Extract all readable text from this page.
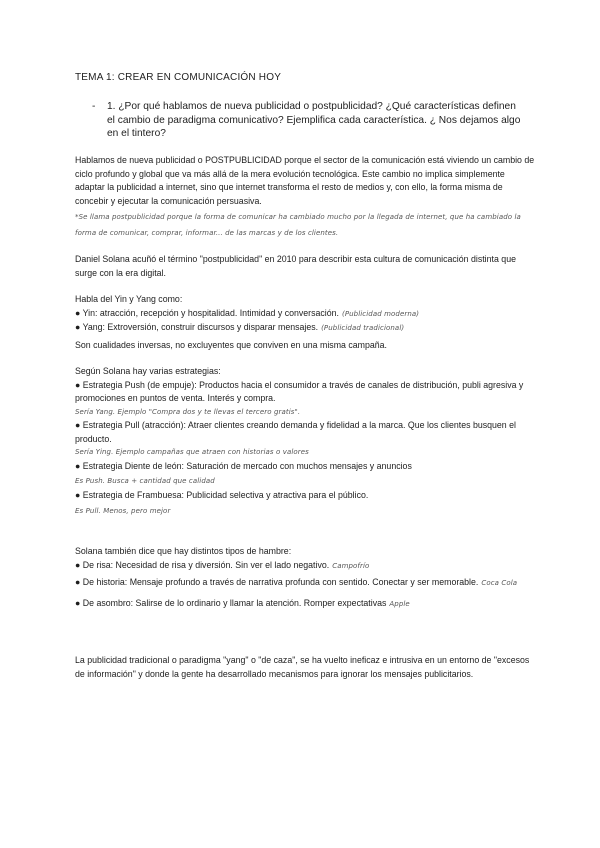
TEMA 1: CREAR EN COMUNICACIÓN HOY
-	1. ¿Por qué hablamos de nueva publicidad o postpublicidad? ¿Qué características definen el cambio de paradigma comunicativo? Ejemplifica cada característica. ¿ Nos dejamos algo en el tintero?

Hablamos de nueva publicidad o POSTPUBLICIDAD porque el sector de la comunicación está viviendo un cambio de ciclo profundo y global que va más allá de la mera evolución tecnológica. Este cambio no implica simplemente adaptar la publicidad a internet, sino que internet transforma el resto de medios y, con ello, la forma misma de concebir y ejecutar la comunicación persuasiva.

*Se llama postpublicidad porque la forma de comunicar ha cambiado mucho por la llegada de internet, que ha cambiado la forma de comunicar, comprar, informar... de las marcas y de los clientes.

Daniel Solana acuñó el término "postpublicidad" en 2010 para describir esta cultura de comunicación distinta que surge con la era digital.

Habla del Yin y Yang como:

● Yin: atracción, recepción y hospitalidad. Intimidad y conversación. (Publicidad moderna)

● Yang: Extroversión, construir discursos y disparar mensajes. (Publicidad tradicional)

Son cualidades inversas, no excluyentes que conviven en una misma campaña.

Según Solana hay varias estrategias:

● Estrategia Push (de empuje): Productos hacia el consumidor a través de canales de distribución, publi agresiva y promociones en puntos de venta. Interés y compra.

Sería Yang. Ejemplo "Compra dos y te llevas el tercero gratis".

● Estrategia Pull (atracción): Atraer clientes creando demanda y fidelidad a la marca. Que los clientes busquen el producto.

Sería Ying. Ejemplo campañas que atraen con historias o valores

● Estrategia Diente de león: Saturación de mercado con muchos mensajes y anuncios

Es Push. Busca + cantidad que calidad

● Estrategia de Frambuesa: Publicidad selectiva y atractiva para el público.

Es Pull. Menos, pero mejor

Solana también dice que hay distintos tipos de hambre:

● De risa: Necesidad de risa y diversión. Sin ver el lado negativo. Campofrío

● De historia: Mensaje profundo a través de narrativa profunda con sentido. Conectar y ser memorable. Coca Cola

● De asombro: Salirse de lo ordinario y llamar la atención. Romper expectativas Apple

La publicidad tradicional o paradigma "yang" o "de caza", se ha vuelto ineficaz e intrusiva en un entorno de "excesos de información" y donde la gente ha desarrollado mecanismos para ignorar los mensajes publicitarios.
